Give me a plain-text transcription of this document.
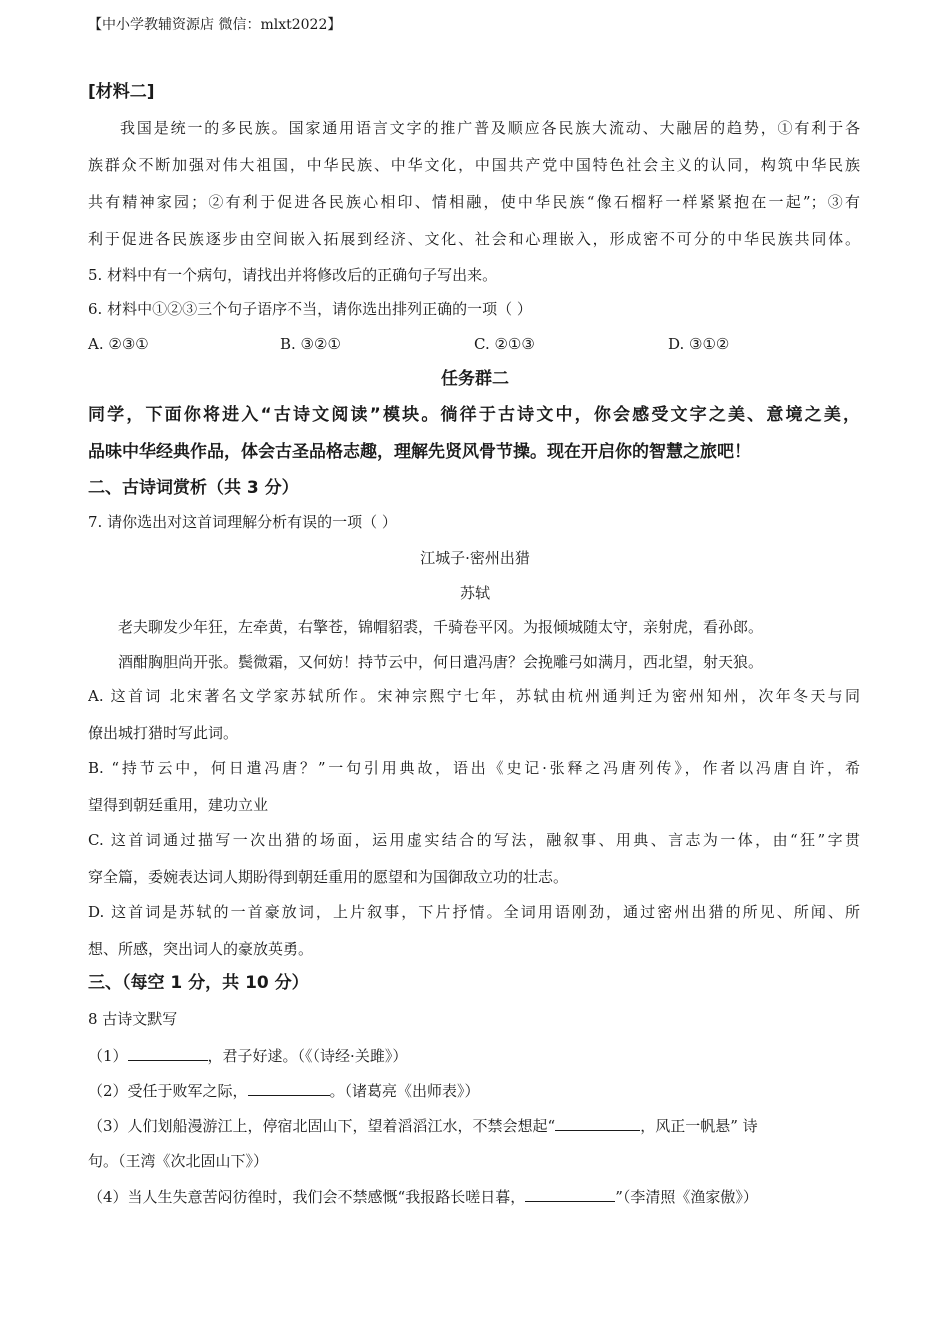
【中小学教辅资源店 微信：mlxt2022】
[材料二]
我国是统一的多民族。国家通用语言文字的推广普及顺应各民族大流动、大融居的趋势，①有利于各
族群众不断加强对伟大祖国，中华民族、中华文化，中国共产党中国特色社会主义的认同，构筑中华民族
共有精神家园；②有利于促进各民族心相印、情相融，使中华民族“像石榴籽一样紧紧抱在一起”；③有
利于促进各民族逐步由空间嵌入拓展到经济、文化、社会和心理嵌入，形成密不可分的中华民族共同体。
5. 材料中有一个病句，请找出并将修改后的正确句子写出来。
6. 材料中①②③三个句子语序不当，请你选出排列正确的一项（ ）
A. ②③①	B. ③②①	C. ②①③	D. ③①②
任务群二
同学，下面你将进入“古诗文阅读”模块。徜徉于古诗文中，你会感受文字之美、意境之美，
品味中华经典作品，体会古圣品格志趣，理解先贤风骨节操。现在开启你的智慧之旅吧！
二、古诗词赏析（共 3 分）
7. 请你选出对这首词理解分析有误的一项（ ）
江城子·密州出猎
苏轼
老夫聊发少年狂，左牵黄，右擎苍，锦帽貂裘，千骑卷平冈。为报倾城随太守，亲射虎，看孙郎。
酒酣胸胆尚开张。鬓微霜，又何妨！持节云中，何日遣冯唐？会挽雕弓如满月，西北望，射天狼。
A. 这首词 北宋著名文学家苏轼所作。宋神宗熙宁七年，苏轼由杭州通判迁为密州知州，次年冬天与同
僚出城打猎时写此词。
B. “持节云中，何日遣冯唐？”一句引用典故，语出《史记·张释之冯唐列传》，作者以冯唐自许，希
望得到朝廷重用，建功立业
C. 这首词通过描写一次出猎的场面，运用虚实结合的写法，融叙事、用典、言志为一体，由“狂”字贯
穿全篇，委婉表达词人期盼得到朝廷重用的愿望和为国御敌立功的壮志。
D. 这首词是苏轼的一首豪放词，上片叙事，下片抒情。全词用语刚劲，通过密州出猎的所见、所闻、所
想、所感，突出词人的豪放英勇。
三、（每空 1 分，共 10 分）
8 古诗文默写
（1）	，君子好逑。（《（诗经·关雎》）
（2）受任于败军之际，	。（诸葛亮《出师表》）
（3）人们划船漫游江上，停宿北固山下，望着滔滔江水，不禁会想起“	，风正一帆悬” 诗
句。（王湾《次北固山下》）
（4）当人生失意苦闷彷徨时，我们会不禁感慨“我报路长嗟日暮，	”（李清照《渔家傲》）
